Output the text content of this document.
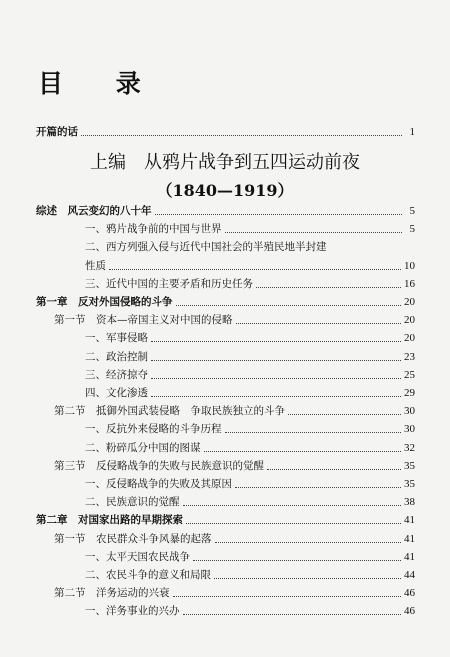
目 录
开篇的话	1
上编　从鸦片战争到五四运动前夜
（1840—1919）
综述　风云变幻的八十年	5
一、鸦片战争前的中国与世界	5
二、西方列强入侵与近代中国社会的半殖民地半封建
性质	10
三、近代中国的主要矛盾和历史任务	16
第一章　反对外国侵略的斗争	20
第一节　资本—帝国主义对中国的侵略	20
一、军事侵略	20
二、政治控制	23
三、经济掠夺	25
四、文化渗透	29
第二节　抵御外国武装侵略　争取民族独立的斗争	30
一、反抗外来侵略的斗争历程	30
二、粉碎瓜分中国的图谋	32
第三节　反侵略战争的失败与民族意识的觉醒	35
一、反侵略战争的失败及其原因	35
二、民族意识的觉醒	38
第二章　对国家出路的早期探索	41
第一节　农民群众斗争风暴的起落	41
一、太平天国农民战争	41
二、农民斗争的意义和局限	44
第二节　洋务运动的兴衰	46
一、洋务事业的兴办	46
